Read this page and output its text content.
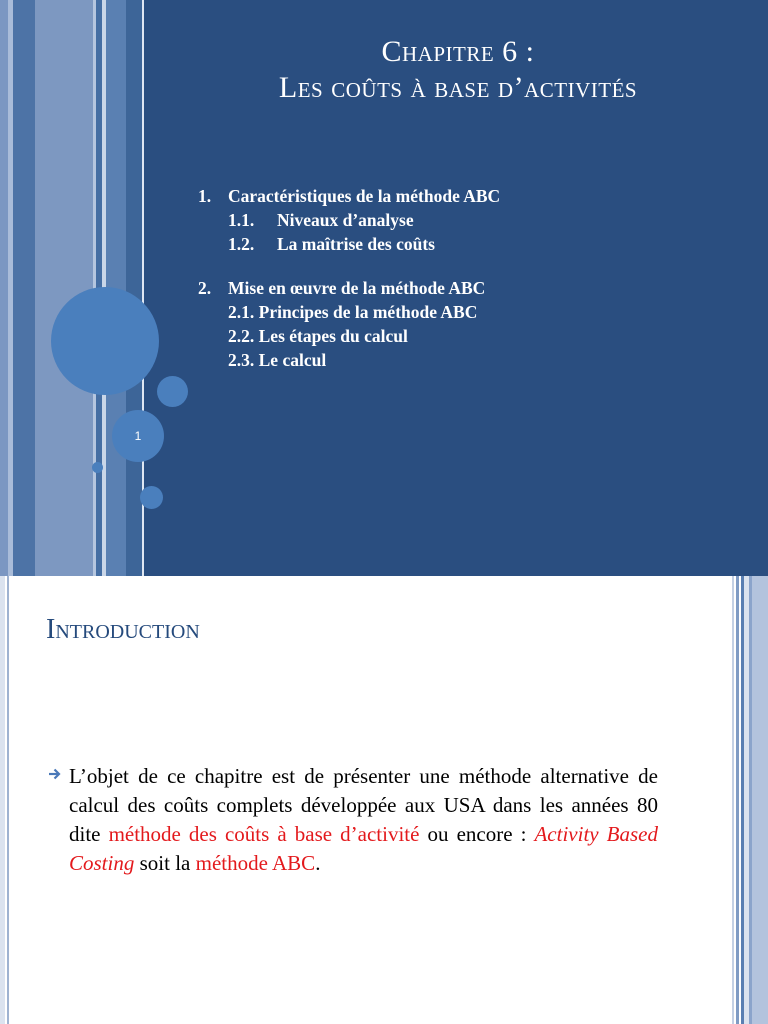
1
Chapitre 6 :
Les coûts à base d’activités
1. Caractéristiques de la méthode ABC
1.1. Niveaux d’analyse
1.2. La maîtrise des coûts
2. Mise en œuvre de la méthode ABC
2.1. Principes de la méthode ABC
2.2. Les étapes du calcul
2.3. Le calcul
Introduction
L’objet de ce chapitre est de présenter une méthode alternative de calcul des coûts complets développée aux USA dans les années 80 dite méthode des coûts à base d’activité ou encore : Activity Based Costing soit la méthode ABC.
